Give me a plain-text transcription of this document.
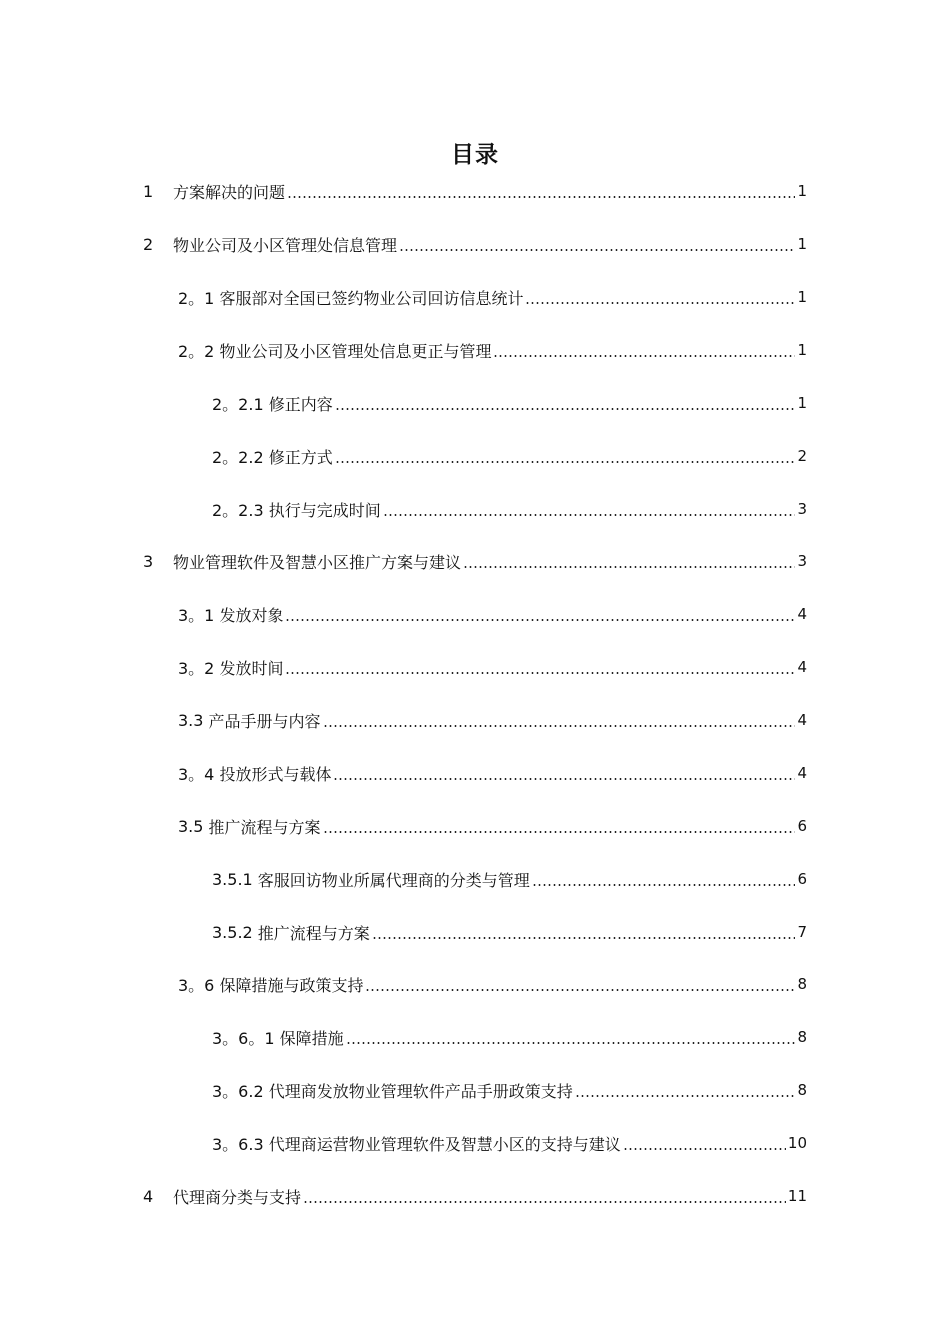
目录
1	方案解决的问题	1
2	物业公司及小区管理处信息管理	1
2。1 客服部对全国已签约物业公司回访信息统计	1
2。2 物业公司及小区管理处信息更正与管理	1
2。2.1 修正内容	1
2。2.2 修正方式	2
2。2.3 执行与完成时间	3
3	物业管理软件及智慧小区推广方案与建议	3
3。1 发放对象	4
3。2 发放时间	4
3.3 产品手册与内容	4
3。4 投放形式与载体	4
3.5 推广流程与方案	6
3.5.1 客服回访物业所属代理商的分类与管理	6
3.5.2 推广流程与方案	7
3。6 保障措施与政策支持	8
3。6。1 保障措施	8
3。6.2 代理商发放物业管理软件产品手册政策支持	8
3。6.3 代理商运营物业管理软件及智慧小区的支持与建议	10
4	代理商分类与支持	11
